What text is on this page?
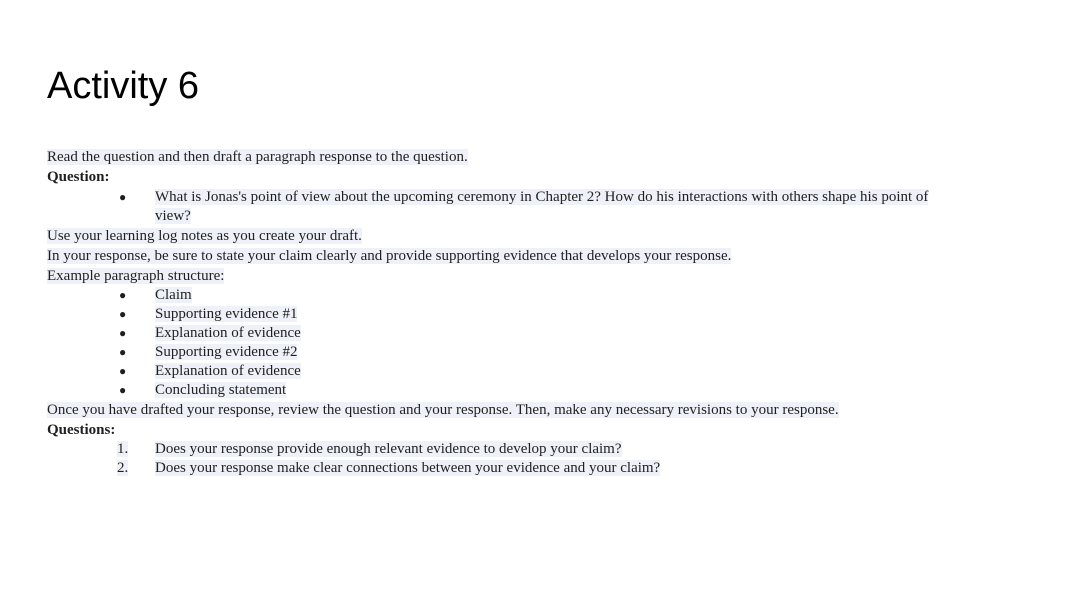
Activity 6
Read the question and then draft a paragraph response to the question.
Question:
●	What is Jonas's point of view about the upcoming ceremony in Chapter 2? How do his interactions with others shape his point of
view?
Use your learning log notes as you create your draft.
In your response, be sure to state your claim clearly and provide supporting evidence that develops your response.
Example paragraph structure:
●	Claim
●	Supporting evidence #1
●	Explanation of evidence
●	Supporting evidence #2
●	Explanation of evidence
●	Concluding statement
Once you have drafted your response, review the question and your response. Then, make any necessary revisions to your response.
Questions:
1.	Does your response provide enough relevant evidence to develop your claim?
2.	Does your response make clear connections between your evidence and your claim?
